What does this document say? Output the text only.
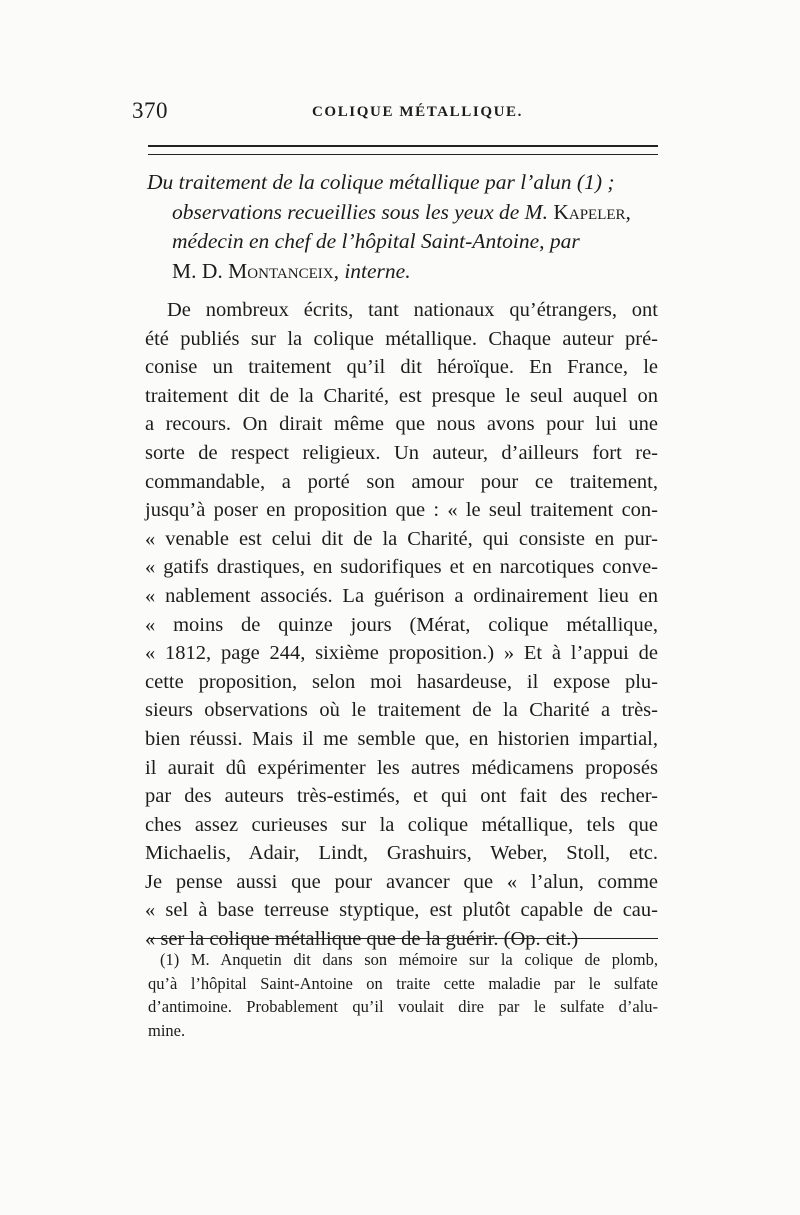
370	COLIQUE MÉTALLIQUE.
Du traitement de la colique métallique par l’alun (1) ;
observations recueillies sous les yeux de M. Kapeler,
médecin en chef de l’hôpital Saint-Antoine, par
M. D. Montanceix, interne.
De nombreux écrits, tant nationaux qu’étrangers, ont
été publiés sur la colique métallique. Chaque auteur pré-
conise un traitement qu’il dit héroïque. En France, le
traitement dit de la Charité, est presque le seul auquel on
a recours. On dirait même que nous avons pour lui une
sorte de respect religieux. Un auteur, d’ailleurs fort re-
commandable, a porté son amour pour ce traitement,
jusqu’à poser en proposition que : « le seul traitement con-
« venable est celui dit de la Charité, qui consiste en pur-
« gatifs drastiques, en sudorifiques et en narcotiques conve-
« nablement associés. La guérison a ordinairement lieu en
« moins de quinze jours (Mérat, colique métallique,
« 1812, page 244, sixième proposition.) » Et à l’appui de
cette proposition, selon moi hasardeuse, il expose plu-
sieurs observations où le traitement de la Charité a très-
bien réussi. Mais il me semble que, en historien impartial,
il aurait dû expérimenter les autres médicamens proposés
par des auteurs très-estimés, et qui ont fait des recher-
ches assez curieuses sur la colique métallique, tels que
Michaelis, Adair, Lindt, Grashuirs, Weber, Stoll, etc.
Je pense aussi que pour avancer que « l’alun, comme
« sel à base terreuse styptique, est plutôt capable de cau-
« ser la colique métallique que de la guérir. (Op. cit.)
(1) M. Anquetin dit dans son mémoire sur la colique de plomb,
qu’à l’hôpital Saint-Antoine on traite cette maladie par le sulfate
d’antimoine. Probablement qu’il voulait dire par le sulfate d’alu-
mine.
